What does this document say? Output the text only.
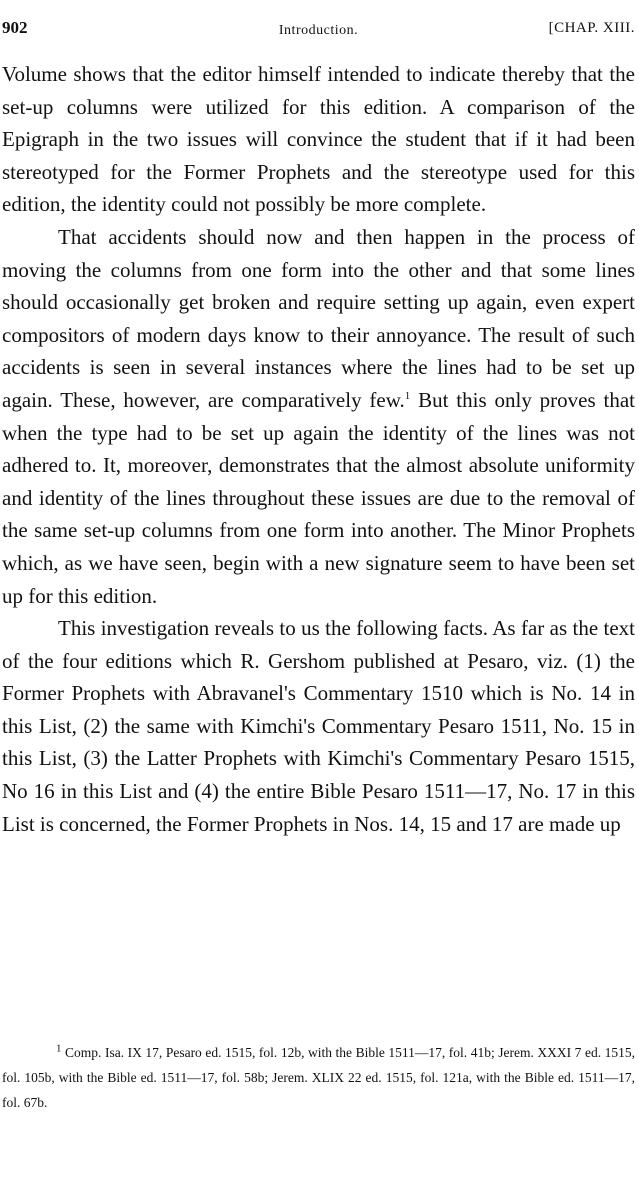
902	Introduction.	[CHAP. XIII.

Volume shows that the editor himself intended to indicate thereby that the set-up columns were utilized for this edition. A comparison of the Epigraph in the two issues will convince the student that if it had been stereotyped for the Former Prophets and the stereotype used for this edition, the identity could not possibly be more complete.

That accidents should now and then happen in the process of moving the columns from one form into the other and that some lines should occasionally get broken and require setting up again, even expert compositors of modern days know to their annoyance. The result of such accidents is seen in several instances where the lines had to be set up again. These, however, are comparatively few.$^1$ But this only proves that when the type had to be set up again the identity of the lines was not adhered to. It, moreover, demonstrates that the almost absolute uniformity and identity of the lines throughout these issues are due to the removal of the same set-up columns from one form into another. The Minor Prophets which, as we have seen, begin with a new signature seem to have been set up for this edition.

This investigation reveals to us the following facts. As far as the text of the four editions which R. Gershom published at Pesaro, viz. (1) the Former Prophets with Abravanel's Commentary 1510 which is No. 14 in this List, (2) the same with Kimchi's Commentary Pesaro 1511, No. 15 in this List, (3) the Latter Prophets with Kimchi's Commentary Pesaro 1515, No 16 in this List and (4) the entire Bible Pesaro 1511—17, No. 17 in this List is concerned, the Former Prophets in Nos. 14, 15 and 17 are made up

$^1$ Comp. Isa. IX 17, Pesaro ed. 1515, fol. 12b, with the Bible 1511—17, fol. 41b; Jerem. XXXI 7 ed. 1515, fol. 105b, with the Bible ed. 1511—17, fol. 58b; Jerem. XLIX 22 ed. 1515, fol. 121a, with the Bible ed. 1511—17, fol. 67b.
